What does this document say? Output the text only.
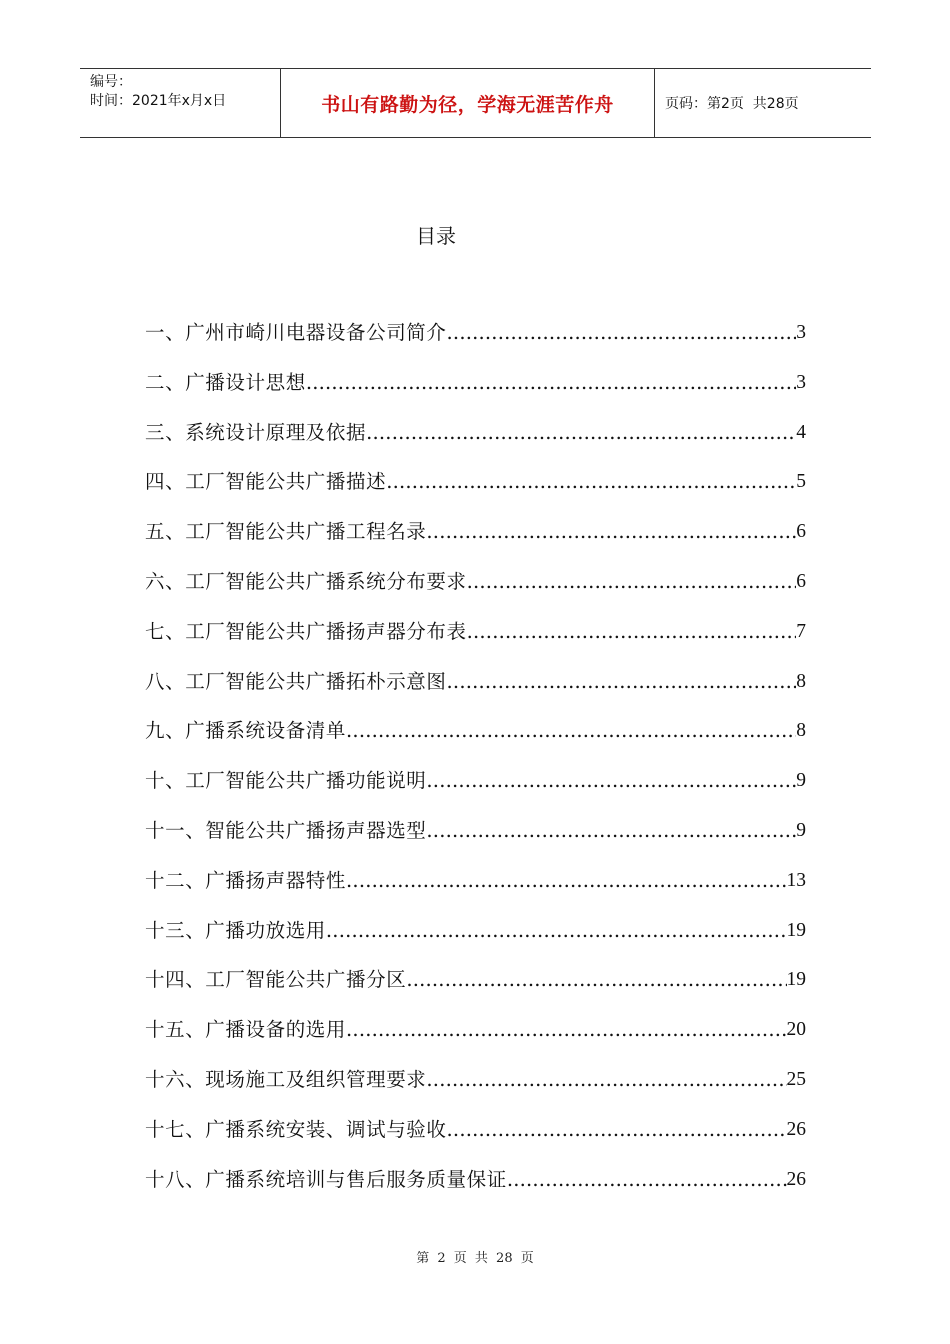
编号：
时间：2021年x月x日	书山有路勤为径，学海无涯苦作舟	页码：第2页  共28页
目录
一、广州市崎川电器设备公司简介 .....	3
二、广播设计思想 .....	3
三、系统设计原理及依据 .....	4
四、工厂智能公共广播描述 .....	5
五、工厂智能公共广播工程名录 .....	6
六、工厂智能公共广播系统分布要求 .....	6
七、工厂智能公共广播扬声器分布表 .....	7
八、工厂智能公共广播拓朴示意图 .....	8
九、广播系统设备清单 .....	8
十、工厂智能公共广播功能说明 .....	9
十一、智能公共广播扬声器选型 .....	9
十二、广播扬声器特性 .....	13
十三、广播功放选用 .....	19
十四、工厂智能公共广播分区 .....	19
十五、广播设备的选用 .....	20
十六、现场施工及组织管理要求 .....	25
十七、广播系统安装、调试与验收 .....	26
十八、广播系统培训与售后服务质量保证 .....	26
第 2 页 共 28 页
